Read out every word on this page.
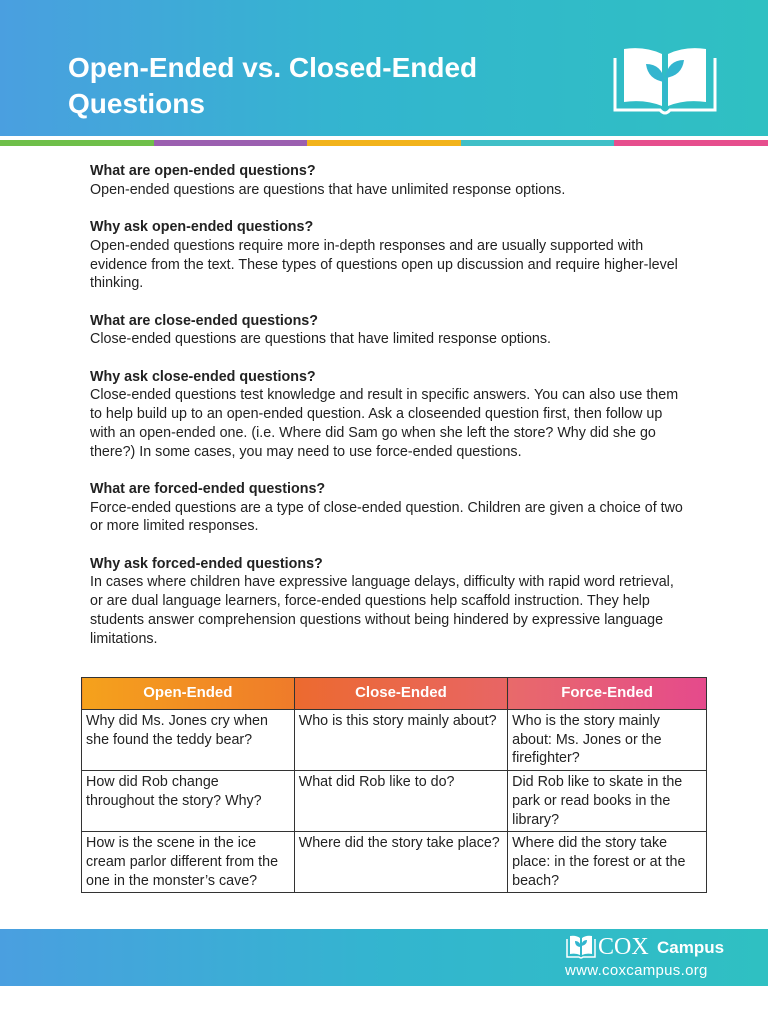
Open-Ended vs. Closed-Ended Questions
What are open-ended questions?
Open-ended questions are questions that have unlimited response options.
Why ask open-ended questions?
Open-ended questions require more in-depth responses and are usually supported with evidence from the text. These types of questions open up discussion and require higher-level thinking.
What are close-ended questions?
Close-ended questions are questions that have limited response options.
Why ask close-ended questions?
Close-ended questions test knowledge and result in specific answers. You can also use them to help build up to an open-ended question. Ask a closeended question first, then follow up with an open-ended one. (i.e. Where did Sam go when she left the store? Why did she go there?) In some cases, you may need to use force-ended questions.
What are forced-ended questions?
Force-ended questions are a type of close-ended question. Children are given a choice of two or more limited responses.
Why ask forced-ended questions?
In cases where children have expressive language delays, difficulty with rapid word retrieval, or are dual language learners, force-ended questions help scaffold instruction. They help students answer comprehension questions without being hindered by expressive language limitations.
Open-Ended	Close-Ended	Force-Ended
Why did Ms. Jones cry when she found the teddy bear?	Who is this story mainly about?	Who is the story mainly about: Ms. Jones or the firefighter?
How did Rob change throughout the story? Why?	What did Rob like to do?	Did Rob like to skate in the park or read books in the library?
How is the scene in the ice cream parlor different from the one in the monster’s cave?	Where did the story take place?	Where did the story take place: in the forest or at the beach?
COX Campus
www.coxcampus.org
